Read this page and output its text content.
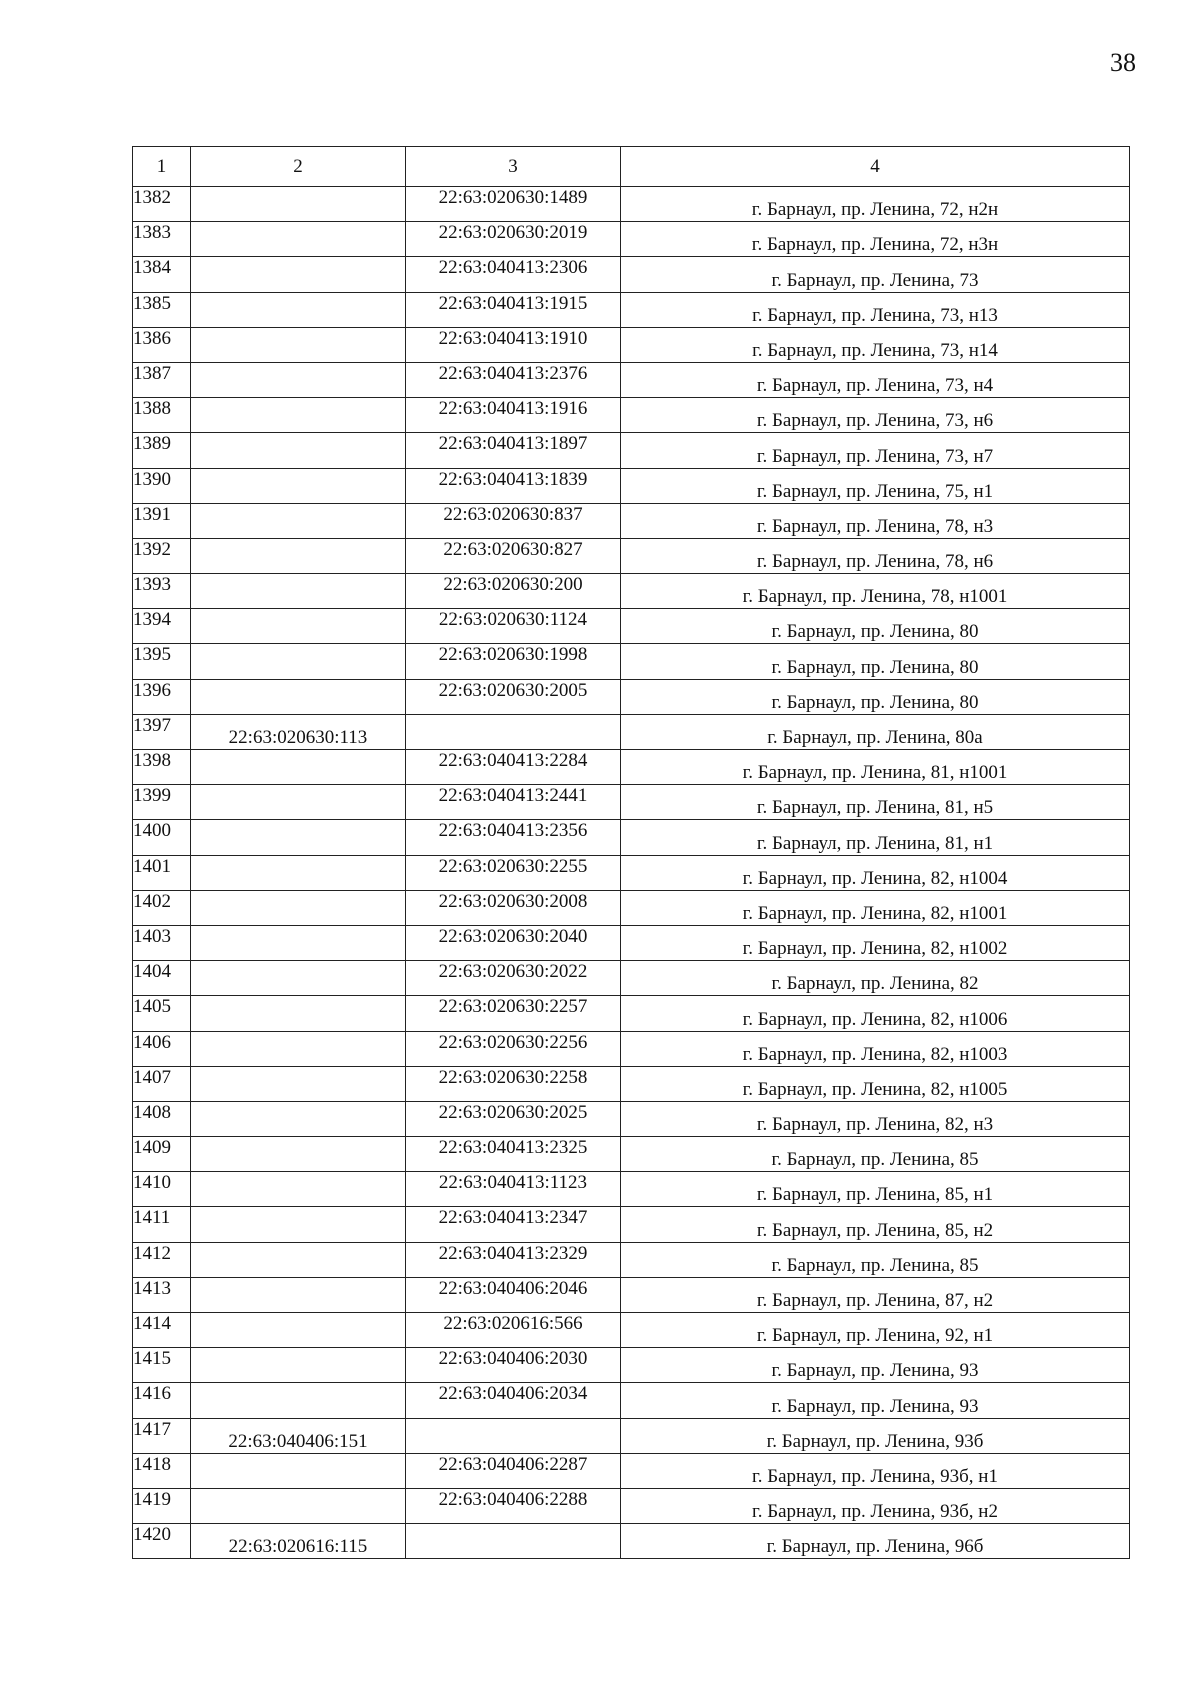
38
1	2	3	4
1382		22:63:020630:1489	г. Барнаул, пр. Ленина, 72, н2н
1383		22:63:020630:2019	г. Барнаул, пр. Ленина, 72, н3н
1384		22:63:040413:2306	г. Барнаул, пр. Ленина, 73
1385		22:63:040413:1915	г. Барнаул, пр. Ленина, 73, н13
1386		22:63:040413:1910	г. Барнаул, пр. Ленина, 73, н14
1387		22:63:040413:2376	г. Барнаул, пр. Ленина, 73, н4
1388		22:63:040413:1916	г. Барнаул, пр. Ленина, 73, н6
1389		22:63:040413:1897	г. Барнаул, пр. Ленина, 73, н7
1390		22:63:040413:1839	г. Барнаул, пр. Ленина, 75, н1
1391		22:63:020630:837	г. Барнаул, пр. Ленина, 78, н3
1392		22:63:020630:827	г. Барнаул, пр. Ленина, 78, н6
1393		22:63:020630:200	г. Барнаул, пр. Ленина, 78, н1001
1394		22:63:020630:1124	г. Барнаул, пр. Ленина, 80
1395		22:63:020630:1998	г. Барнаул, пр. Ленина, 80
1396		22:63:020630:2005	г. Барнаул, пр. Ленина, 80
1397	22:63:020630:113		г. Барнаул, пр. Ленина, 80а
1398		22:63:040413:2284	г. Барнаул, пр. Ленина, 81, н1001
1399		22:63:040413:2441	г. Барнаул, пр. Ленина, 81, н5
1400		22:63:040413:2356	г. Барнаул, пр. Ленина, 81, н1
1401		22:63:020630:2255	г. Барнаул, пр. Ленина, 82, н1004
1402		22:63:020630:2008	г. Барнаул, пр. Ленина, 82, н1001
1403		22:63:020630:2040	г. Барнаул, пр. Ленина, 82, н1002
1404		22:63:020630:2022	г. Барнаул, пр. Ленина, 82
1405		22:63:020630:2257	г. Барнаул, пр. Ленина, 82, н1006
1406		22:63:020630:2256	г. Барнаул, пр. Ленина, 82, н1003
1407		22:63:020630:2258	г. Барнаул, пр. Ленина, 82, н1005
1408		22:63:020630:2025	г. Барнаул, пр. Ленина, 82, н3
1409		22:63:040413:2325	г. Барнаул, пр. Ленина, 85
1410		22:63:040413:1123	г. Барнаул, пр. Ленина, 85, н1
1411		22:63:040413:2347	г. Барнаул, пр. Ленина, 85, н2
1412		22:63:040413:2329	г. Барнаул, пр. Ленина, 85
1413		22:63:040406:2046	г. Барнаул, пр. Ленина, 87, н2
1414		22:63:020616:566	г. Барнаул, пр. Ленина, 92, н1
1415		22:63:040406:2030	г. Барнаул, пр. Ленина, 93
1416		22:63:040406:2034	г. Барнаул, пр. Ленина, 93
1417	22:63:040406:151		г. Барнаул, пр. Ленина, 93б
1418		22:63:040406:2287	г. Барнаул, пр. Ленина, 93б, н1
1419		22:63:040406:2288	г. Барнаул, пр. Ленина, 93б, н2
1420	22:63:020616:115		г. Барнаул, пр. Ленина, 96б
